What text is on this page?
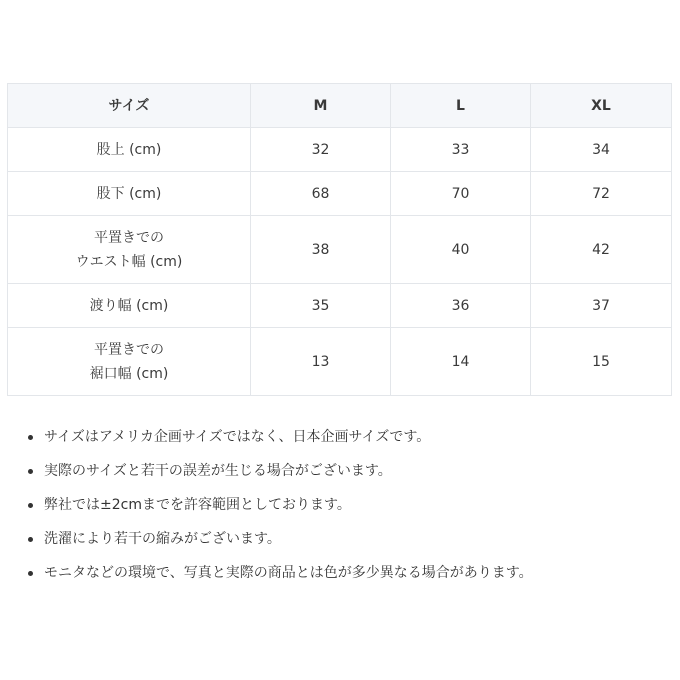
サイズ	M	L	XL

股上 (cm)	32	33	34

股下 (cm)	68	70	72

平置きでの
ウエスト幅 (cm)	38	40	42

渡り幅 (cm)	35	36	37

平置きでの
裾口幅 (cm)	13	14	15
サイズはアメリカ企画サイズではなく、日本企画サイズです。
実際のサイズと若干の誤差が生じる場合がございます。
弊社では±2cmまでを許容範囲としております。
洗濯により若干の縮みがございます。
モニタなどの環境で、写真と実際の商品とは色が多少異なる場合があります。
